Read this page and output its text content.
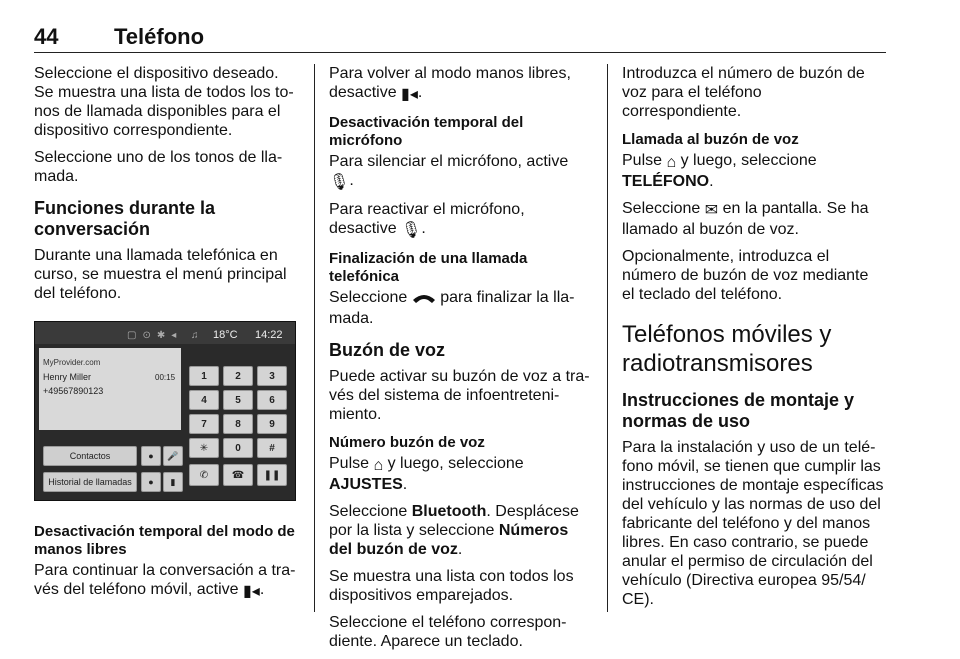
44	Teléfono

Seleccione el dispositivo deseado. Se muestra una lista de todos los tonos de llamada disponibles para el dispositivo correspondiente.

Seleccione uno de los tonos de llamada.

Funciones durante la conversación

Durante una llamada telefónica en curso, se muestra el menú principal del teléfono.

▢⊙✱◂ ♫ 18°C 14:22
MyProvider.com
Henry Miller	00:15
+49567890123
Contactos	●	🎤
Historial de llamadas	●	▮
1	2	3
4	5	6
7	8	9
✳	0	#
✆	☎	❚❚
Desactivación temporal del modo de manos libres

Para continuar la conversación a través del teléfono móvil, active ▮◂.

Para volver al modo manos libres, desactive ▮◂.

Desactivación temporal del micrófono

Para silenciar el micrófono, active 🎙.

Para reactivar el micrófono, desactive 🎙.

Finalización de una llamada telefónica

Seleccione para finalizar la llamada.

Buzón de voz

Puede activar su buzón de voz a través del sistema de infoentretenimiento.

Número buzón de voz

Pulse ⌂ y luego, seleccione AJUSTES.

Seleccione Bluetooth. Desplácese por la lista y seleccione Números del buzón de voz.

Se muestra una lista con todos los dispositivos emparejados.

Seleccione el teléfono correspondiente. Aparece un teclado.

Introduzca el número de buzón de voz para el teléfono correspondiente.

Llamada al buzón de voz

Pulse ⌂ y luego, seleccione TELÉFONO.

Seleccione ✉ en la pantalla. Se ha llamado al buzón de voz.

Opcionalmente, introduzca el número de buzón de voz mediante el teclado del teléfono.

Teléfonos móviles y radiotransmisores
Instrucciones de montaje y normas de uso

Para la instalación y uso de un teléfono móvil, se tienen que cumplir las instrucciones de montaje específicas del vehículo y las normas de uso del fabricante del teléfono y del manos libres. En caso contrario, se puede anular el permiso de circulación del vehículo (Directiva europea 95/54/ CE).
